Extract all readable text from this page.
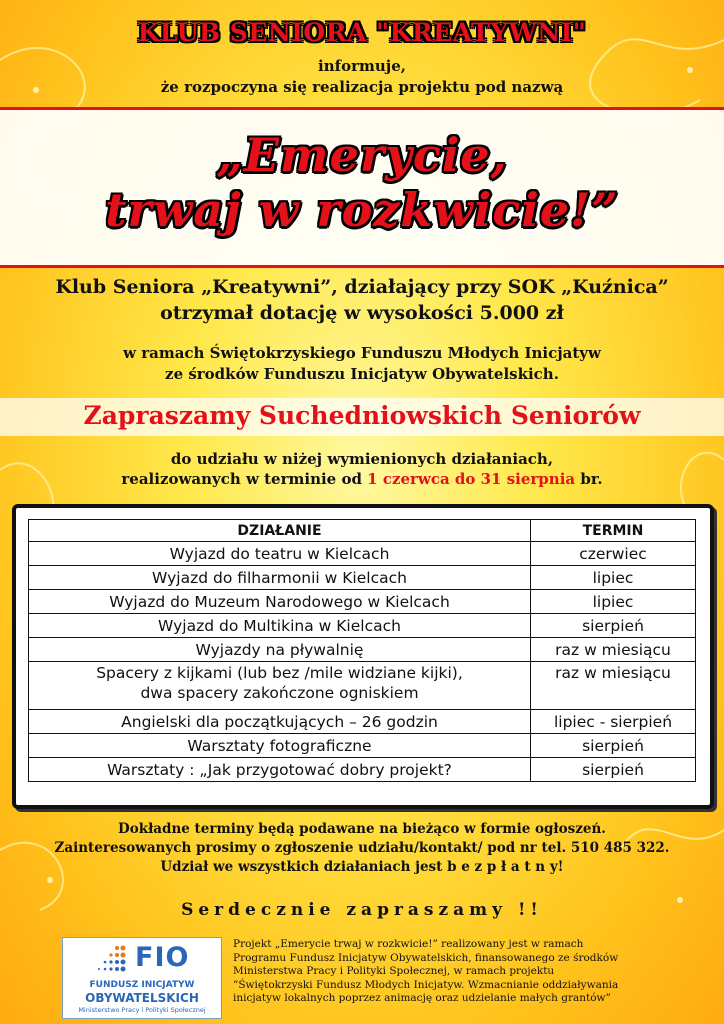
KLUB SENIORA "KREATYWNI"
informuje,
że rozpoczyna się realizacja projektu pod nazwą
„Emerycie,
trwaj w rozkwicie!”
Klub Seniora „Kreatywni”, działający przy SOK „Kuźnica”
otrzymał dotację w wysokości 5.000 zł
w ramach Świętokrzyskiego Funduszu Młodych Inicjatyw
ze środków Funduszu Inicjatyw Obywatelskich.
Zapraszamy Suchedniowskich Seniorów
do udziału w niżej wymienionych działaniach,
realizowanych w terminie od 1 czerwca do 31 sierpnia br.
DZIAŁANIE	TERMIN
Wyjazd do teatru w Kielcach	czerwiec
Wyjazd do filharmonii w Kielcach	lipiec
Wyjazd do Muzeum Narodowego w Kielcach	lipiec
Wyjazd do Multikina w Kielcach	sierpień
Wyjazdy na pływalnię	raz w miesiącu

Spacery z kijkami (lub bez /mile widziane kijki),
dwa spacery zakończone ogniskiem	raz w miesiącu
Angielski dla początkujących – 26 godzin	lipiec - sierpień
Warsztaty fotograficzne	sierpień
Warsztaty : „Jak przygotować dobry projekt?	sierpień
Dokładne terminy będą podawane na bieżąco w formie ogłoszeń.
Zainteresowanych prosimy o zgłoszenie udziału/kontakt/ pod nr tel. 510 485 322.
Udział we wszystkich działaniach jest b e z p ł a t n y!
Serdecznie zapraszamy !!
FIO
FUNDUSZ INICJATYW
OBYWATELSKICH
Ministerstwo Pracy i Polityki Społecznej
Projekt „Emerycie trwaj w rozkwicie!” realizowany jest w ramach
Programu Fundusz Inicjatyw Obywatelskich, finansowanego ze środków
Ministerstwa Pracy i Polityki Społecznej, w ramach projektu
”Świętokrzyski Fundusz Młodych Inicjatyw. Wzmacnianie oddziaływania
inicjatyw lokalnych poprzez animację oraz udzielanie małych grantów”
